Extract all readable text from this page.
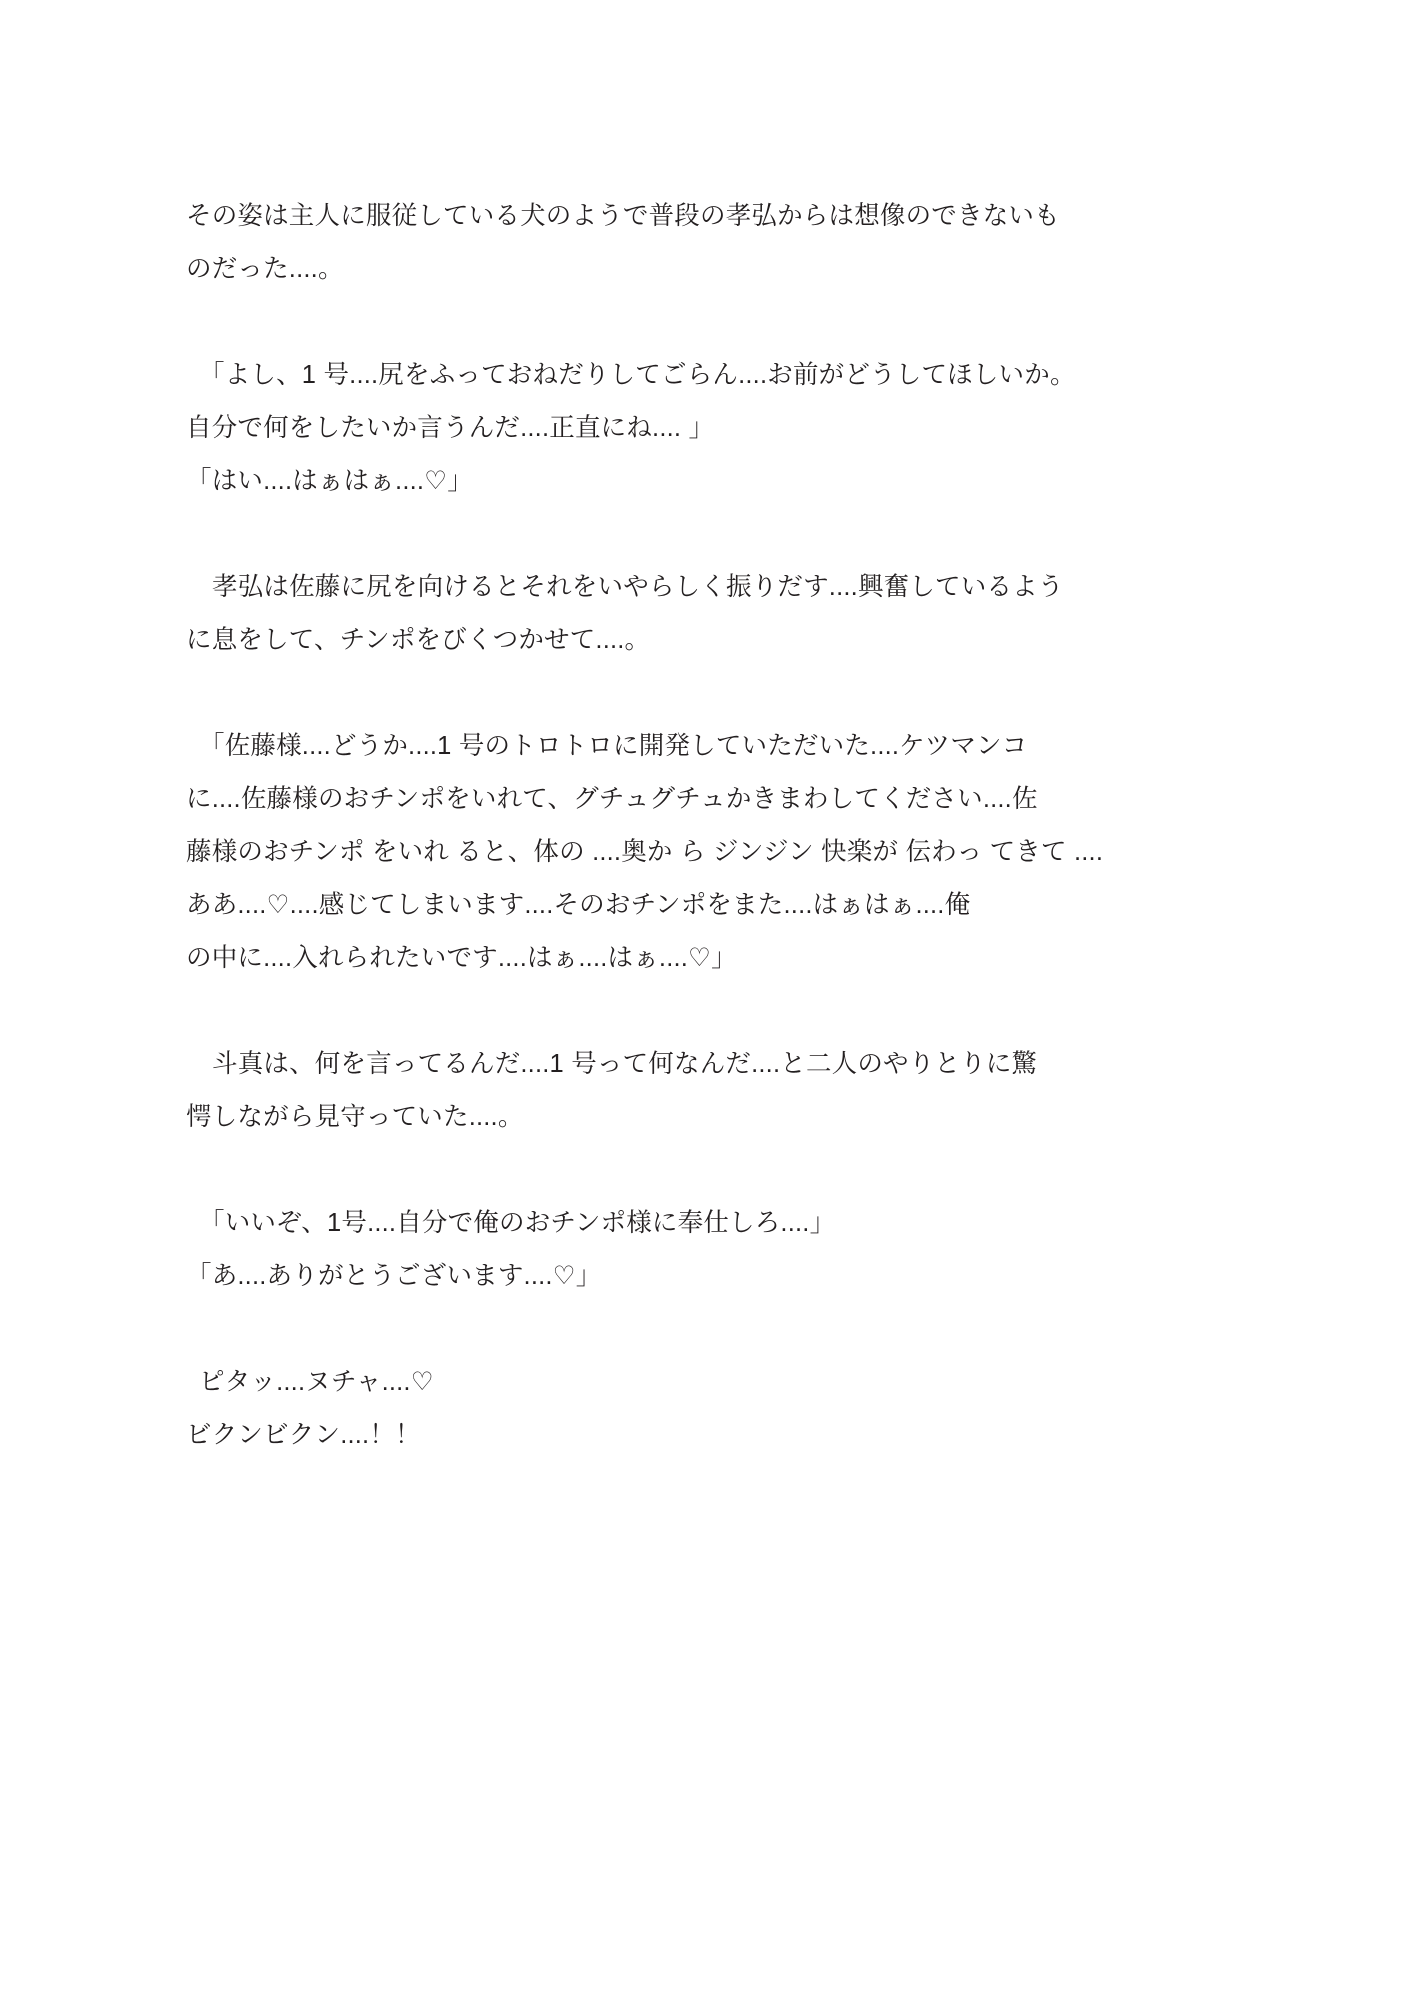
その姿は主人に服従している犬のようで普段の孝弘からは想像のできないも
のだった....。

「よし、1 号....尻をふっておねだりしてごらん....お前がどうしてほしいか。
自分で何をしたいか言うんだ....正直にね.... 」
「はい....はぁはぁ....♡」

孝弘は佐藤に尻を向けるとそれをいやらしく振りだす....興奮しているよう
に息をして、チンポをびくつかせて....。

「佐藤様....どうか....1 号のトロトロに開発していただいた....ケツマンコ
に....佐藤様のおチンポをいれて、グチュグチュかきまわしてください....佐
藤様のおチンポ をいれ ると、体の ....奥か ら ジンジン 快楽が 伝わっ てきて ....
ああ....♡....感じてしまいます....そのおチンポをまた....はぁはぁ....俺
の中に....入れられたいです....はぁ....はぁ....♡」

斗真は、何を言ってるんだ....1 号って何なんだ....と二人のやりとりに驚
愕しながら見守っていた....。

「いいぞ、1号....自分で俺のおチンポ様に奉仕しろ....」
「あ....ありがとうございます....♡」

ピタッ....ヌチャ....♡
ビクンビクン....！！
